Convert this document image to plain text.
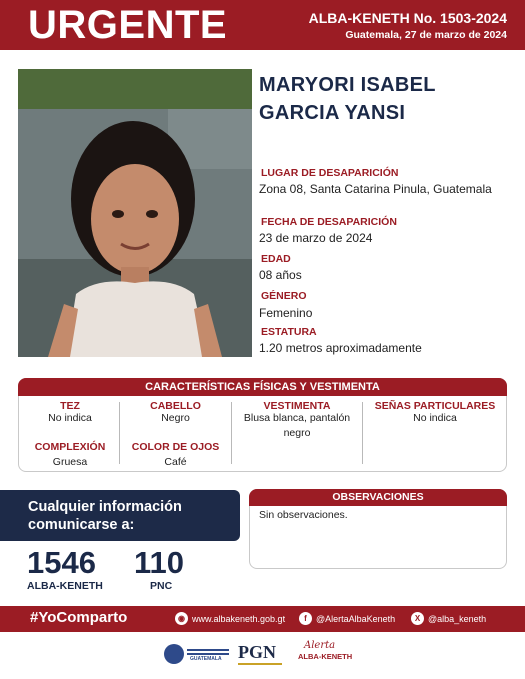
URGENTE	ALBA-KENETH No. 1503-2024
Guatemala, 27 de marzo de 2024
MARYORI ISABEL
GARCIA YANSI
LUGAR DE DESAPARICIÓN
Zona 08, Santa Catarina Pinula, Guatemala
FECHA DE DESAPARICIÓN
23 de marzo de 2024
EDAD
08 años
GÉNERO
Femenino
ESTATURA
1.20 metros aproximadamente
CARACTERÍSTICAS FÍSICAS Y VESTIMENTA
TEZ
No indica
CABELLO
Negro
VESTIMENTA
Blusa blanca, pantalón
negro
SEÑAS PARTICULARES
No indica
COMPLEXIÓN
Gruesa
COLOR DE OJOS
Café
Cualquier información
comunicarse a:
1546
ALBA-KENETH
110
PNC
OBSERVACIONES
Sin observaciones.
#YoComparto	◉ www.albakeneth.gob.gt	f	@AlertaAlbaKeneth	X @alba_keneth
GUATEMALA PGN	Alerta
ALBA-KENETH
